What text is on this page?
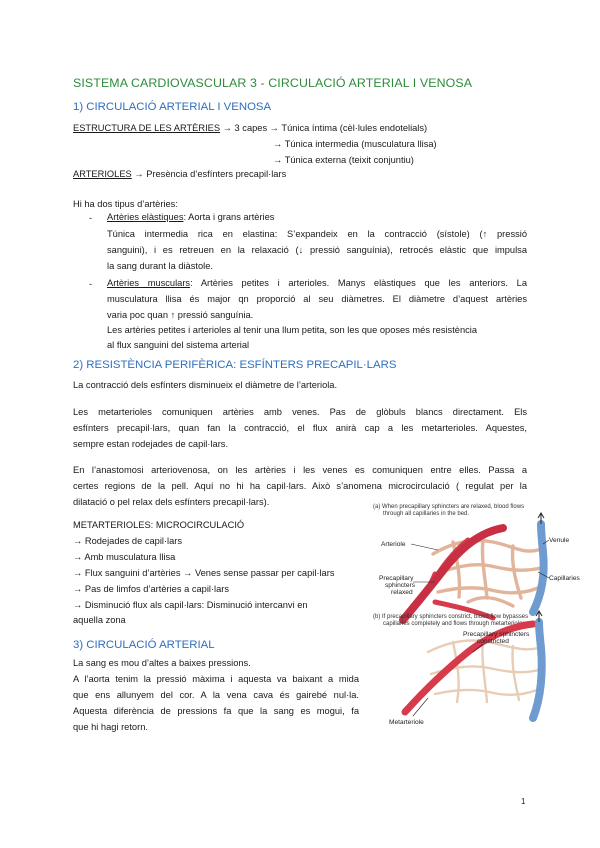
SISTEMA CARDIOVASCULAR 3 - CIRCULACIÓ ARTERIAL I VENOSA
1) CIRCULACIÓ ARTERIAL I VENOSA
ESTRUCTURA DE LES ARTÈRIES → 3 capes → Túnica íntima (cèl·lules endotelials)
→ Túnica intermedia (musculatura llisa)
→ Túnica externa (teixit conjuntiu)
ARTERIOLES → Presència d’esfínters precapil·lars
Hi ha dos tipus d’artèries:
- Artèries elàstiques: Aorta i grans artèries
Túnica intermedia rica en elastina: S’expandeix en la contracció (sístole) (↑ pressió
sanguini), i es retreuen en la relaxació (↓ pressió sanguínia), retrocés elàstic que impulsa
la sang durant la diàstole.
- Artèries musculars: Artèries petites i arterioles. Manys elàstiques que les anteriors. La
musculatura llisa és major qn proporció al seu diàmetres. El diàmetre d’aquest artèries
varia poc quan ↑ pressió sanguínia.
Les artèries petites i arterioles al tenir una llum petita, son les que oposes més resistència
al flux sanguini del sistema arterial
2) RESISTÈNCIA PERIFÈRICA: ESFÍNTERS PRECAPIL·LARS
La contracció dels esfínters disminueix el diàmetre de l’arteriola.
Les metarterioles comuniquen artèries amb venes. Pas de glòbuls blancs directament. Els
esfínters precapil·lars, quan fan la contracció, el flux anirà cap a les metarterioles. Aquestes,
sempre estan rodejades de capil·lars.
En l’anastomosi arteriovenosa, on les artèries i les venes es comuniquen entre elles. Passa a
certes regions de la pell. Aquí no hi ha capil·lars. Això s’anomena microcirculació ( regulat per la
dilatació o pel relax dels esfínters precapil·lars).
METARTERIOLES: MICROCIRCULACIÓ
→ Rodejades de capil·lars
→ Amb musculatura llisa
→ Flux sanguini d’artèries → Venes sense passar per capil·lars
→ Pas de limfos d’artèries a capil·lars
→ Disminució flux als capil·lars: Disminució intercanvi en
aquella zona
3) CIRCULACIÓ ARTERIAL
La sang es mou d’altes a baixes pressions.
A l’aorta tenim la pressió màxima i aquesta va baixant a mida
que ens allunyem del cor. A la vena cava és gairebé nul·la.
Aquesta diferència de pressions fa que la sang es mogui, fa
que hi hagi retorn.
(a) When precapillary sphincters are relaxed, blood flows
through all capillaries in the bed.
Arteriole
Venule
Precapillary
sphincters
relaxed
Capillaries
(b) If precapillary sphincters constrict, blood flow bypasses
capillaries completely and flows through metarterioles.
Precapillary sphincters
constricted
Metarteriole
1
